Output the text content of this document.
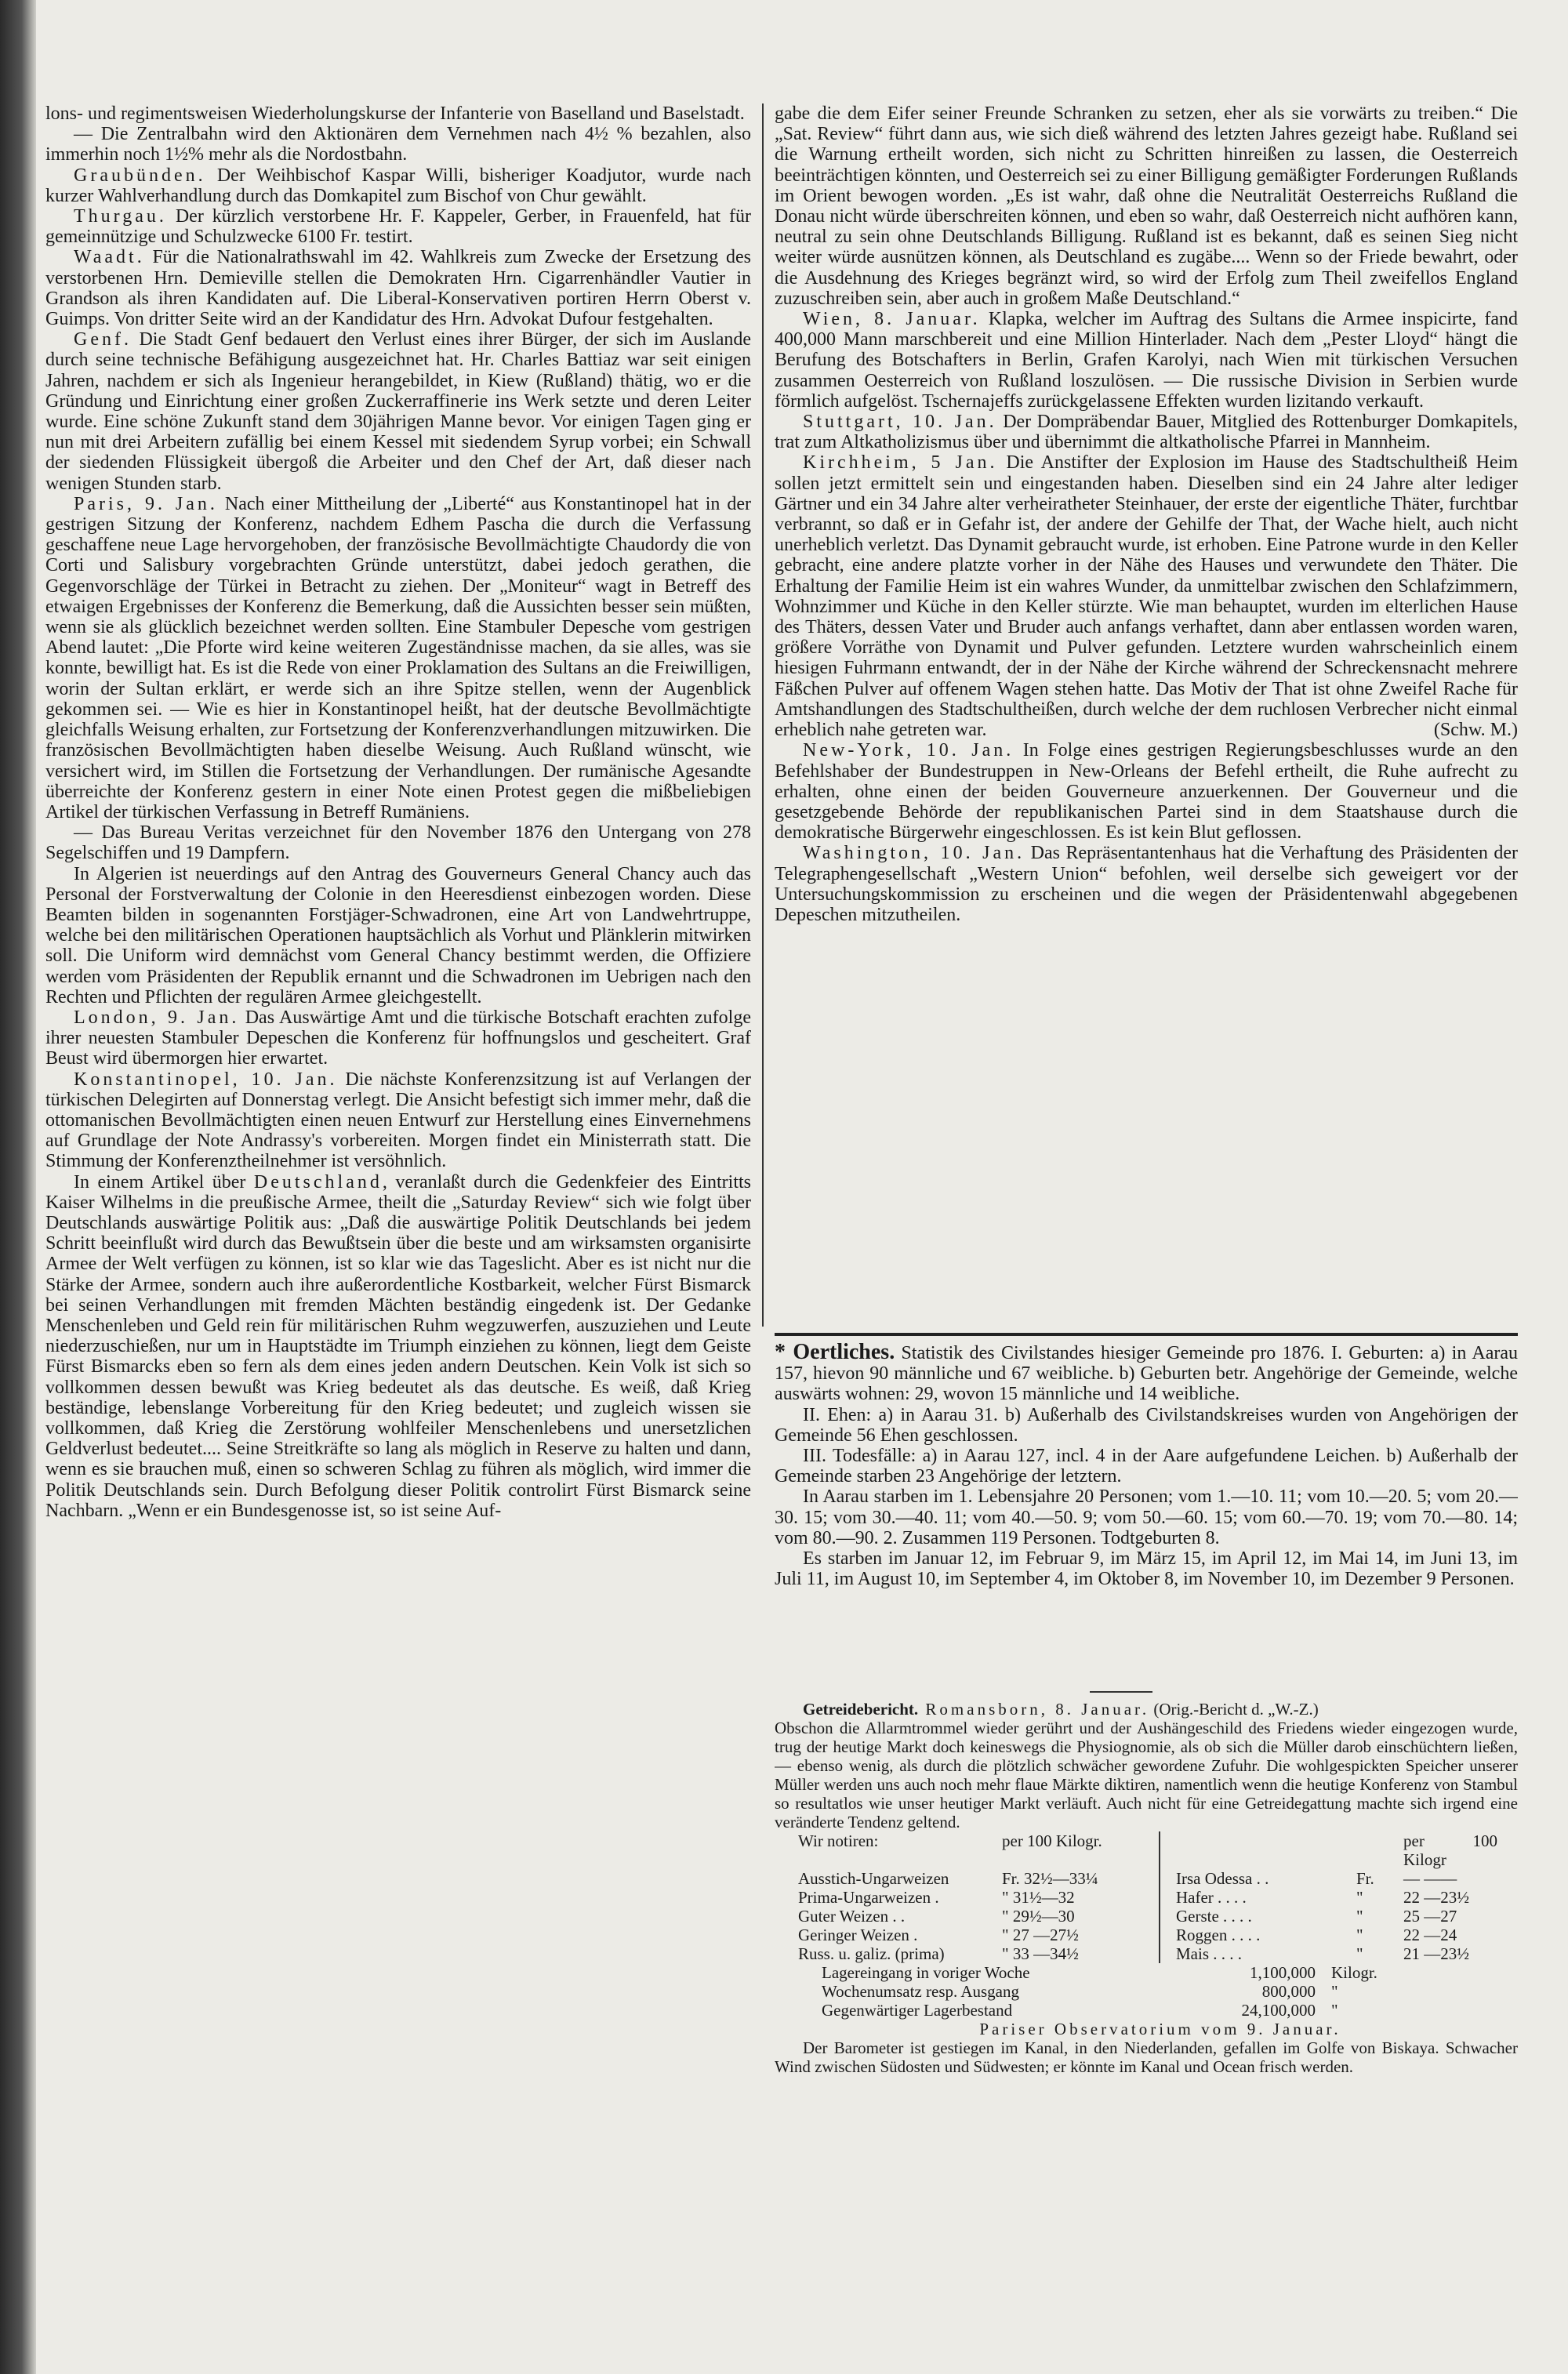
lons- und regimentsweisen Wiederholungskurse der Infanterie von Baselland und Baselstadt.

— Die Zentralbahn wird den Aktionären dem Vernehmen nach 4½ % bezahlen, also immerhin noch 1½% mehr als die Nordostbahn.

Graubünden. Der Weihbischof Kaspar Willi, bisheriger Koadjutor, wurde nach kurzer Wahlverhandlung durch das Domkapitel zum Bischof von Chur gewählt.

Thurgau. Der kürzlich verstorbene Hr. F. Kappeler, Gerber, in Frauenfeld, hat für gemeinnützige und Schulzwecke 6100 Fr. testirt.

Waadt. Für die Nationalrathswahl im 42. Wahlkreis zum Zwecke der Ersetzung des verstorbenen Hrn. Demieville stellen die Demokraten Hrn. Cigarrenhändler Vautier in Grandson als ihren Kandidaten auf. Die Liberal-Konservativen portiren Herrn Oberst v. Guimps. Von dritter Seite wird an der Kandidatur des Hrn. Advokat Dufour festgehalten.

Genf. Die Stadt Genf bedauert den Verlust eines ihrer Bürger, der sich im Auslande durch seine technische Befähigung ausgezeichnet hat. Hr. Charles Battiaz war seit einigen Jahren, nachdem er sich als Ingenieur herangebildet, in Kiew (Rußland) thätig, wo er die Gründung und Einrichtung einer großen Zuckerraffinerie ins Werk setzte und deren Leiter wurde. Eine schöne Zukunft stand dem 30jährigen Manne bevor. Vor einigen Tagen ging er nun mit drei Arbeitern zufällig bei einem Kessel mit siedendem Syrup vorbei; ein Schwall der siedenden Flüssigkeit übergoß die Arbeiter und den Chef der Art, daß dieser nach wenigen Stunden starb.

Paris, 9. Jan. Nach einer Mittheilung der „Liberté“ aus Konstantinopel hat in der gestrigen Sitzung der Konferenz, nachdem Edhem Pascha die durch die Verfassung geschaffene neue Lage hervorgehoben, der französische Bevollmächtigte Chaudordy die von Corti und Salisbury vorgebrachten Gründe unterstützt, dabei jedoch gerathen, die Gegenvorschläge der Türkei in Betracht zu ziehen. Der „Moniteur“ wagt in Betreff des etwaigen Ergebnisses der Konferenz die Bemerkung, daß die Aussichten besser sein müßten, wenn sie als glücklich bezeichnet werden sollten. Eine Stambuler Depesche vom gestrigen Abend lautet: „Die Pforte wird keine weiteren Zugeständnisse machen, da sie alles, was sie konnte, bewilligt hat. Es ist die Rede von einer Proklamation des Sultans an die Freiwilligen, worin der Sultan erklärt, er werde sich an ihre Spitze stellen, wenn der Augenblick gekommen sei. — Wie es hier in Konstantinopel heißt, hat der deutsche Bevollmächtigte gleichfalls Weisung erhalten, zur Fortsetzung der Konferenzverhandlungen mitzuwirken. Die französischen Bevollmächtigten haben dieselbe Weisung. Auch Rußland wünscht, wie versichert wird, im Stillen die Fortsetzung der Verhandlungen. Der rumänische Agesandte überreichte der Konferenz gestern in einer Note einen Protest gegen die mißbeliebigen Artikel der türkischen Verfassung in Betreff Rumäniens.

— Das Bureau Veritas verzeichnet für den November 1876 den Untergang von 278 Segelschiffen und 19 Dampfern.

In Algerien ist neuerdings auf den Antrag des Gouverneurs General Chancy auch das Personal der Forstverwaltung der Colonie in den Heeresdienst einbezogen worden. Diese Beamten bilden in sogenannten Forstjäger-Schwadronen, eine Art von Landwehrtruppe, welche bei den militärischen Operationen hauptsächlich als Vorhut und Plänklerin mitwirken soll. Die Uniform wird demnächst vom General Chancy bestimmt werden, die Offiziere werden vom Präsidenten der Republik ernannt und die Schwadronen im Uebrigen nach den Rechten und Pflichten der regulären Armee gleichgestellt.

London, 9. Jan. Das Auswärtige Amt und die türkische Botschaft erachten zufolge ihrer neuesten Stambuler Depeschen die Konferenz für hoffnungslos und gescheitert. Graf Beust wird übermorgen hier erwartet.

Konstantinopel, 10. Jan. Die nächste Konferenzsitzung ist auf Verlangen der türkischen Delegirten auf Donnerstag verlegt. Die Ansicht befestigt sich immer mehr, daß die ottomanischen Bevollmächtigten einen neuen Entwurf zur Herstellung eines Einvernehmens auf Grundlage der Note Andrassy's vorbereiten. Morgen findet ein Ministerrath statt. Die Stimmung der Konferenztheilnehmer ist versöhnlich.

In einem Artikel über Deutschland, veranlaßt durch die Gedenkfeier des Eintritts Kaiser Wilhelms in die preußische Armee, theilt die „Saturday Review“ sich wie folgt über Deutschlands auswärtige Politik aus: „Daß die auswärtige Politik Deutschlands bei jedem Schritt beeinflußt wird durch das Bewußtsein über die beste und am wirksamsten organisirte Armee der Welt verfügen zu können, ist so klar wie das Tageslicht. Aber es ist nicht nur die Stärke der Armee, sondern auch ihre außerordentliche Kostbarkeit, welcher Fürst Bismarck bei seinen Verhandlungen mit fremden Mächten beständig eingedenk ist. Der Gedanke Menschenleben und Geld rein für militärischen Ruhm wegzuwerfen, auszuziehen und Leute niederzuschießen, nur um in Hauptstädte im Triumph einziehen zu können, liegt dem Geiste Fürst Bismarcks eben so fern als dem eines jeden andern Deutschen. Kein Volk ist sich so vollkommen dessen bewußt was Krieg bedeutet als das deutsche. Es weiß, daß Krieg beständige, lebenslange Vorbereitung für den Krieg bedeutet; und zugleich wissen sie vollkommen, daß Krieg die Zerstörung wohlfeiler Menschenlebens und unersetzlichen Geldverlust bedeutet.... Seine Streitkräfte so lang als möglich in Reserve zu halten und dann, wenn es sie brauchen muß, einen so schweren Schlag zu führen als möglich, wird immer die Politik Deutschlands sein. Durch Befolgung dieser Politik controlirt Fürst Bismarck seine Nachbarn. „Wenn er ein Bundesgenosse ist, so ist seine Auf-

gabe die dem Eifer seiner Freunde Schranken zu setzen, eher als sie vorwärts zu treiben.“ Die „Sat. Review“ führt dann aus, wie sich dieß während des letzten Jahres gezeigt habe. Rußland sei die Warnung ertheilt worden, sich nicht zu Schritten hinreißen zu lassen, die Oesterreich beeinträchtigen könnten, und Oesterreich sei zu einer Billigung gemäßigter Forderungen Rußlands im Orient bewogen worden. „Es ist wahr, daß ohne die Neutralität Oesterreichs Rußland die Donau nicht würde überschreiten können, und eben so wahr, daß Oesterreich nicht aufhören kann, neutral zu sein ohne Deutschlands Billigung. Rußland ist es bekannt, daß es seinen Sieg nicht weiter würde ausnützen können, als Deutschland es zugäbe.... Wenn so der Friede bewahrt, oder die Ausdehnung des Krieges begränzt wird, so wird der Erfolg zum Theil zweifellos England zuzuschreiben sein, aber auch in großem Maße Deutschland.“

Wien, 8. Januar. Klapka, welcher im Auftrag des Sultans die Armee inspicirte, fand 400,000 Mann marschbereit und eine Million Hinterlader. Nach dem „Pester Lloyd“ hängt die Berufung des Botschafters in Berlin, Grafen Karolyi, nach Wien mit türkischen Versuchen zusammen Oesterreich von Rußland loszulösen. — Die russische Division in Serbien wurde förmlich aufgelöst. Tschernajeffs zurückgelassene Effekten wurden lizitando verkauft.

Stuttgart, 10. Jan. Der Dompräbendar Bauer, Mitglied des Rottenburger Domkapitels, trat zum Altkatholizismus über und übernimmt die altkatholische Pfarrei in Mannheim.

Kirchheim, 5 Jan. Die Anstifter der Explosion im Hause des Stadtschultheiß Heim sollen jetzt ermittelt sein und eingestanden haben. Dieselben sind ein 24 Jahre alter lediger Gärtner und ein 34 Jahre alter verheiratheter Steinhauer, der erste der eigentliche Thäter, furchtbar verbrannt, so daß er in Gefahr ist, der andere der Gehilfe der That, der Wache hielt, auch nicht unerheblich verletzt. Das Dynamit gebraucht wurde, ist erhoben. Eine Patrone wurde in den Keller gebracht, eine andere platzte vorher in der Nähe des Hauses und verwundete den Thäter. Die Erhaltung der Familie Heim ist ein wahres Wunder, da unmittelbar zwischen den Schlafzimmern, Wohnzimmer und Küche in den Keller stürzte. Wie man behauptet, wurden im elterlichen Hause des Thäters, dessen Vater und Bruder auch anfangs verhaftet, dann aber entlassen worden waren, größere Vorräthe von Dynamit und Pulver gefunden. Letztere wurden wahrscheinlich einem hiesigen Fuhrmann entwandt, der in der Nähe der Kirche während der Schreckensnacht mehrere Fäßchen Pulver auf offenem Wagen stehen hatte. Das Motiv der That ist ohne Zweifel Rache für Amtshandlungen des Stadtschultheißen, durch welche der dem ruchlosen Verbrecher nicht einmal erheblich nahe getreten war.	(Schw. M.)

New-York, 10. Jan. In Folge eines gestrigen Regierungsbeschlusses wurde an den Befehlshaber der Bundestruppen in New-Orleans der Befehl ertheilt, die Ruhe aufrecht zu erhalten, ohne einen der beiden Gouverneure anzuerkennen. Der Gouverneur und die gesetzgebende Behörde der republikanischen Partei sind in dem Staatshause durch die demokratische Bürgerwehr eingeschlossen. Es ist kein Blut geflossen.

Washington, 10. Jan. Das Repräsentantenhaus hat die Verhaftung des Präsidenten der Telegraphengesellschaft „Western Union“ befohlen, weil derselbe sich geweigert vor der Untersuchungskommission zu erscheinen und die wegen der Präsidentenwahl abgegebenen Depeschen mitzutheilen.

* Oertliches. Statistik des Civilstandes hiesiger Gemeinde pro 1876. I. Geburten: a) in Aarau 157, hievon 90 männliche und 67 weibliche. b) Geburten betr. Angehörige der Gemeinde, welche auswärts wohnen: 29, wovon 15 männliche und 14 weibliche.

II. Ehen: a) in Aarau 31. b) Außerhalb des Civilstandskreises wurden von Angehörigen der Gemeinde 56 Ehen geschlossen.

III. Todesfälle: a) in Aarau 127, incl. 4 in der Aare aufgefundene Leichen. b) Außerhalb der Gemeinde starben 23 Angehörige der letztern.

In Aarau starben im 1. Lebensjahre 20 Personen; vom 1.—10. 11; vom 10.—20. 5; vom 20.—30. 15; vom 30.—40. 11; vom 40.—50. 9; vom 50.—60. 15; vom 60.—70. 19; vom 70.—80. 14; vom 80.—90. 2. Zusammen 119 Personen. Todtgeburten 8.

Es starben im Januar 12, im Februar 9, im März 15, im April 12, im Mai 14, im Juni 13, im Juli 11, im August 10, im September 4, im Oktober 8, im November 10, im Dezember 9 Personen.

Getreidebericht. Romansborn, 8. Januar. (Orig.-Bericht d. „W.-Z.)

Obschon die Allarmtrommel wieder gerührt und der Aushängeschild des Friedens wieder eingezogen wurde, trug der heutige Markt doch keineswegs die Physiognomie, als ob sich die Müller darob einschüchtern ließen, — ebenso wenig, als durch die plötzlich schwächer gewordene Zufuhr. Die wohlgespickten Speicher unserer Müller werden uns auch noch mehr flaue Märkte diktiren, namentlich wenn die heutige Konferenz von Stambul so resultatlos wie unser heutiger Markt verläuft. Auch nicht für eine Getreidegattung machte sich irgend eine veränderte Tendenz geltend.

Wir notiren:	per 100 Kilogr.	per 100 Kilogr
Ausstich-Ungarweizen	Fr. 32½—33¼	Irsa Odessa . .	Fr.	— ——
Prima-Ungarweizen .	" 31½—32	Hafer . . . .	"	22 —23½
Guter Weizen . .	" 29½—30	Gerste . . . .	"	25 —27
Geringer Weizen .	" 27 —27½	Roggen . . . .	"	22 —24
Russ. u. galiz. (prima)	" 33 —34½	Mais . . . .	"	21 —23½
Lagereingang in voriger Woche	1,100,000 Kilogr.
Wochenumsatz resp. Ausgang	800,000 "
Gegenwärtiger Lagerbestand	24,100,000 "

Pariser Observatorium vom 9. Januar.

Der Barometer ist gestiegen im Kanal, in den Niederlanden, gefallen im Golfe von Biskaya. Schwacher Wind zwischen Südosten und Südwesten; er könnte im Kanal und Ocean frisch werden.
